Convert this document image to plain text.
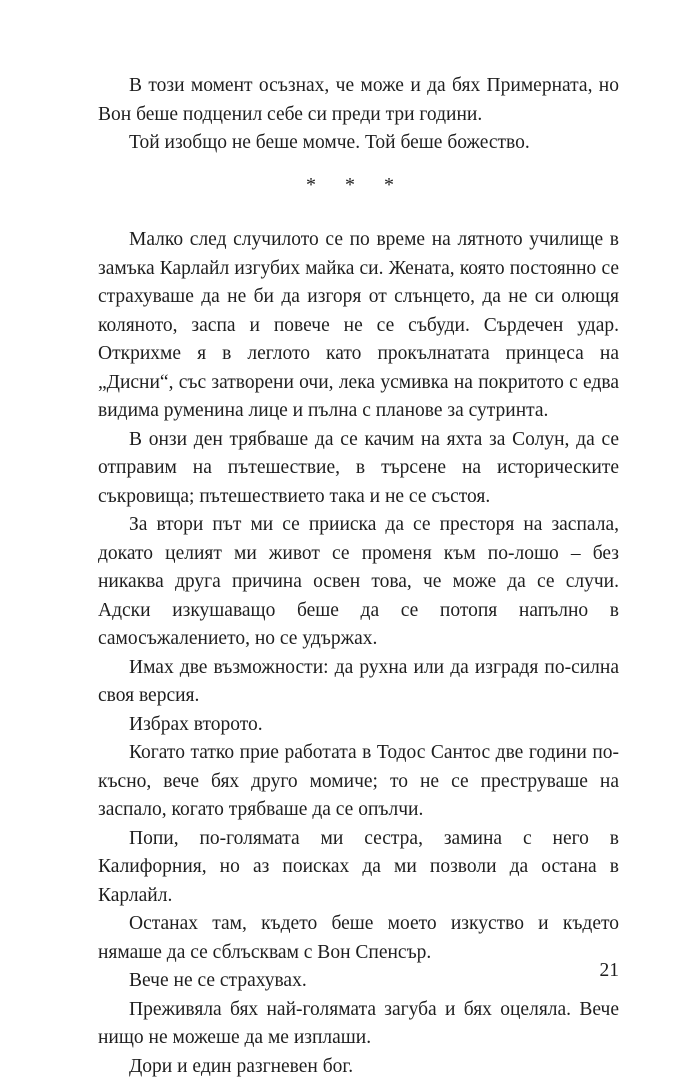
В този момент осъзнах, че може и да бях Примерната, но Вон беше подценил себе си преди три години.

Той изобщо не беше момче. Той беше божество.

* * *

Малко след случилото се по време на лятното училище в замъка Карлайл изгубих майка си. Жената, която постоянно се страхуваше да не би да изгоря от слънцето, да не си олющя коляното, заспа и повече не се събуди. Сърдечен удар. Открихме я в леглото като прокълнатата принцеса на „Дисни“, със затворени очи, лека усмивка на покритото с едва видима руменина лице и пълна с планове за сутринта.

В онзи ден трябваше да се качим на яхта за Солун, да се отправим на пътешествие, в търсене на историческите съкровища; пътешествието така и не се състоя.

За втори път ми се прииска да се престоря на заспала, докато целият ми живот се променя към по-лошо – без никаква друга причина освен това, че може да се случи. Адски изкушаващо беше да се потопя напълно в самосъжалението, но се удържах.

Имах две възможности: да рухна или да изградя по-силна своя версия.

Избрах второто.

Когато татко прие работата в Тодос Сантос две години по-късно, вече бях друго момиче; то не се преструваше на заспало, когато трябваше да се опълчи.

Попи, по-голямата ми сестра, замина с него в Калифорния, но аз поисках да ми позволи да остана в Карлайл.

Останах там, където беше моето изкуство и където нямаше да се сблъсквам с Вон Спенсър.

Вече не се страхувах.

Преживяла бях най-голямата загуба и бях оцеляла. Вече нищо не можеше да ме изплаши.

Дори и един разгневен бог.

21
